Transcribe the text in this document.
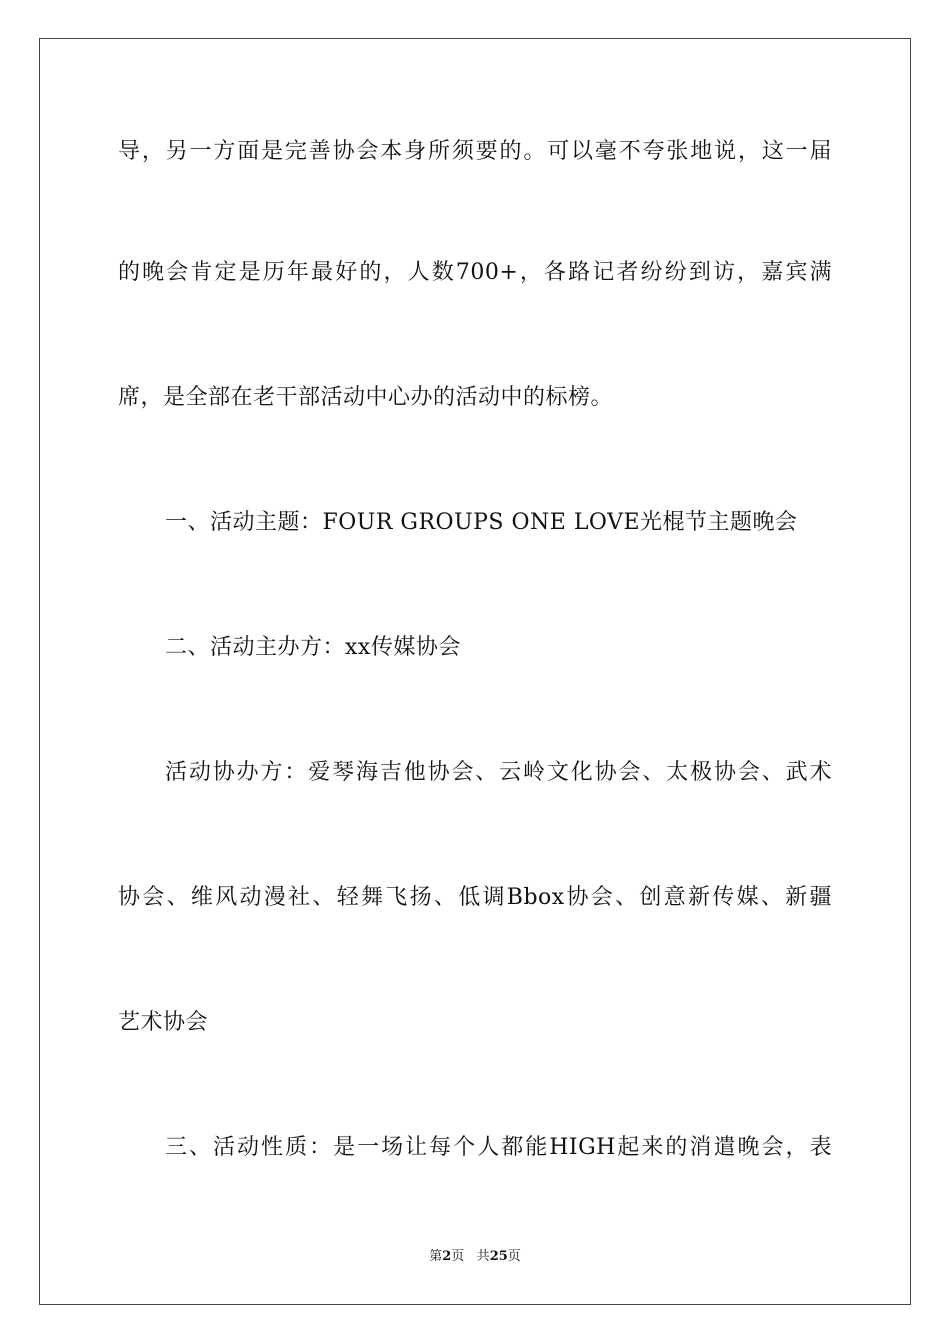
导，另一方面是完善协会本身所须要的。可以毫不夸张地说，这一届
的晚会肯定是历年最好的，人数700+，各路记者纷纷到访，嘉宾满
席，是全部在老干部活动中心办的活动中的标榜。
一、活动主题：FOUR GROUPS ONE LOVE光棍节主题晚会
二、活动主办方：xx传媒协会
活动协办方：爱琴海吉他协会、云岭文化协会、太极协会、武术
协会、维风动漫社、轻舞飞扬、低调Bbox协会、创意新传媒、新疆
艺术协会
三、活动性质：是一场让每个人都能HIGH起来的消遣晚会，表
第2页 共25页
